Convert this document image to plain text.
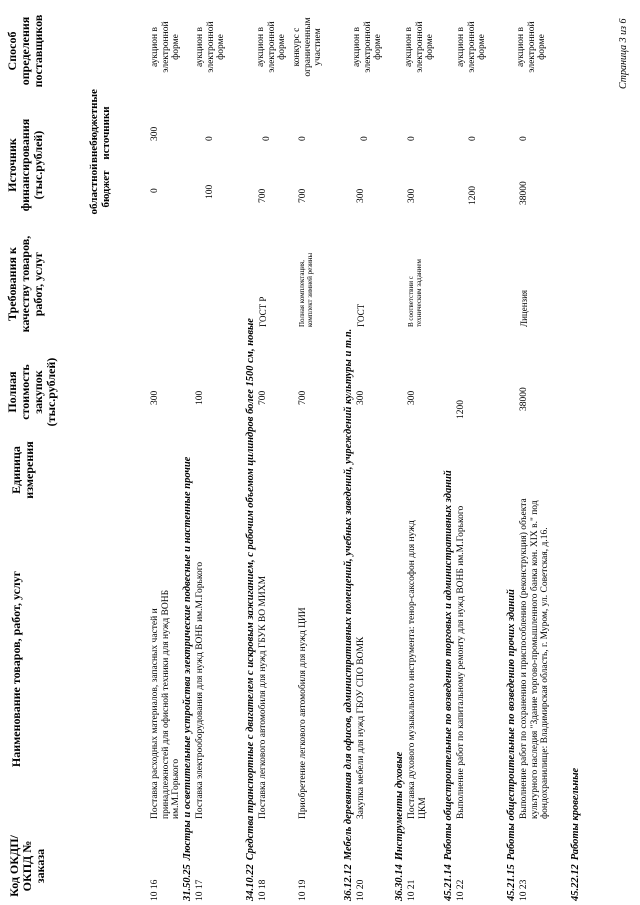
Код ОКДП/ ОКПД № заказа
Наименование товаров, работ, услуг
Единица измерения
Полная стоимость закупок (тыс.рублей)
Требования к качеству товаров, работ, услуг
Источник финансирования (тыс.рублей)	областной бюджет
внебюджетные источники
Способ определения поставщиков
10 16
Поставка расходных материалов, запасных частей и принадлежностей для офисной техники для нужд ВОНБ им.М.Горького
300
0
300
аукцион в электронной форме
31.50.25Люстры и осветительные устройства электрические подвесные и настенные прочие
10 17
Поставка электрооборудования для нужд ВОНБ им.М.Горького
100
100
0
аукцион в электронной форме
34.10.22Средства транспортные с двигателем с искровым зажиганием, с рабочим объемом цилиндров более 1500 см, новые
10 18
Поставка легкового автомобиля для нужд ГБУК ВО МИХМ
700
ГОСТ Р
700
0
аукцион в электронной форме
10 19
Приобретение легкового автомобиля для нужд ЦИИ
700
Полная комплектация, комплект зимней резины
700
0
конкурс с ограниченным участием
36.12.12Мебель деревянная для офисов, административных помещений, учебных заведений, учреждений культуры и т.п.
10 20
Закупка мебели для нужд ГБОУ СПО ВОМК
300
ГОСТ
300
0
аукцион в электронной форме
36.30.14Инструменты духовые
10 21
Поставка духового музыкального инструмента: тенор-саксофон для нужд ЦКМ
300
В соответствии с техническим заданием
300
0
аукцион в электронной форме
45.21.14Работы общестроительные по возведению торговых и административных зданий
10 22
Выполнение работ по капитальному ремонту для нужд ВОНБ им.М.Горького
1200
1200
0
аукцион в электронной форме
45.21.15Работы общестроительные по возведению прочих зданий
10 23
Выполнение работ по сохранению и приспособлению (реконструкция) объекта культурного наследия "Здание торгово-промышленного банка кон. XIX в." под фондохранилище: Владимирская область, г. Муром, ул. Советская, д.16.
38000
Лицензия
38000
0
аукцион в электронной форме
45.22.12Работы кровельные
Страница 3 из 6
